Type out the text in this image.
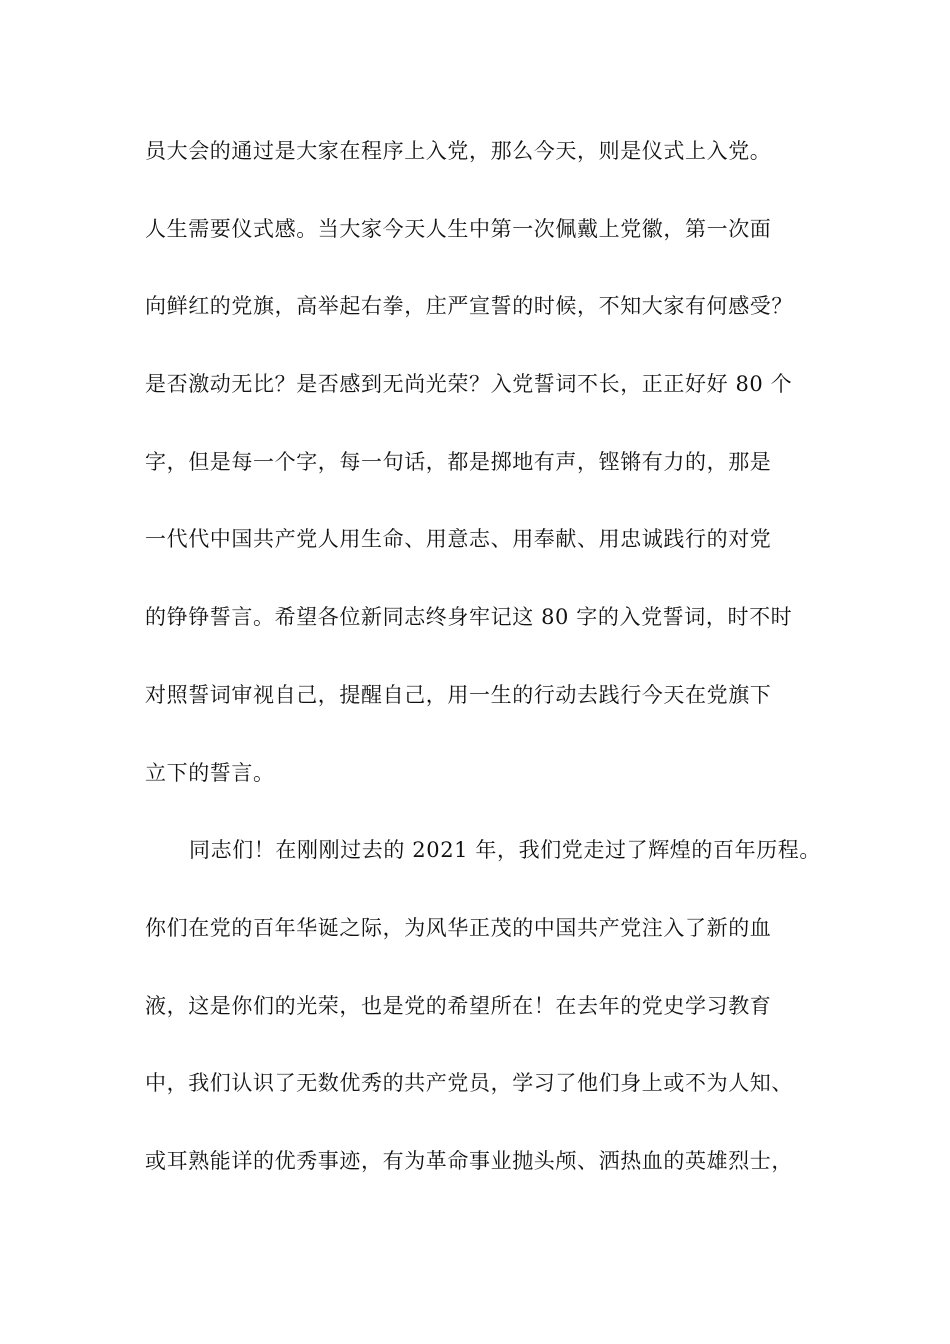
员大会的通过是大家在程序上入党，那么今天，则是仪式上入党。
人生需要仪式感。当大家今天人生中第一次佩戴上党徽，第一次面
向鲜红的党旗，高举起右拳，庄严宣誓的时候，不知大家有何感受？
是否激动无比？是否感到无尚光荣？入党誓词不长，正正好好 80 个
字，但是每一个字，每一句话，都是掷地有声，铿锵有力的，那是
一代代中国共产党人用生命、用意志、用奉献、用忠诚践行的对党
的铮铮誓言。希望各位新同志终身牢记这 80 字的入党誓词，时不时
对照誓词审视自己，提醒自己，用一生的行动去践行今天在党旗下
立下的誓言。
同志们！在刚刚过去的 2021 年，我们党走过了辉煌的百年历程。
你们在党的百年华诞之际，为风华正茂的中国共产党注入了新的血
液，这是你们的光荣，也是党的希望所在！在去年的党史学习教育
中，我们认识了无数优秀的共产党员，学习了他们身上或不为人知、
或耳熟能详的优秀事迹，有为革命事业抛头颅、洒热血的英雄烈士，
